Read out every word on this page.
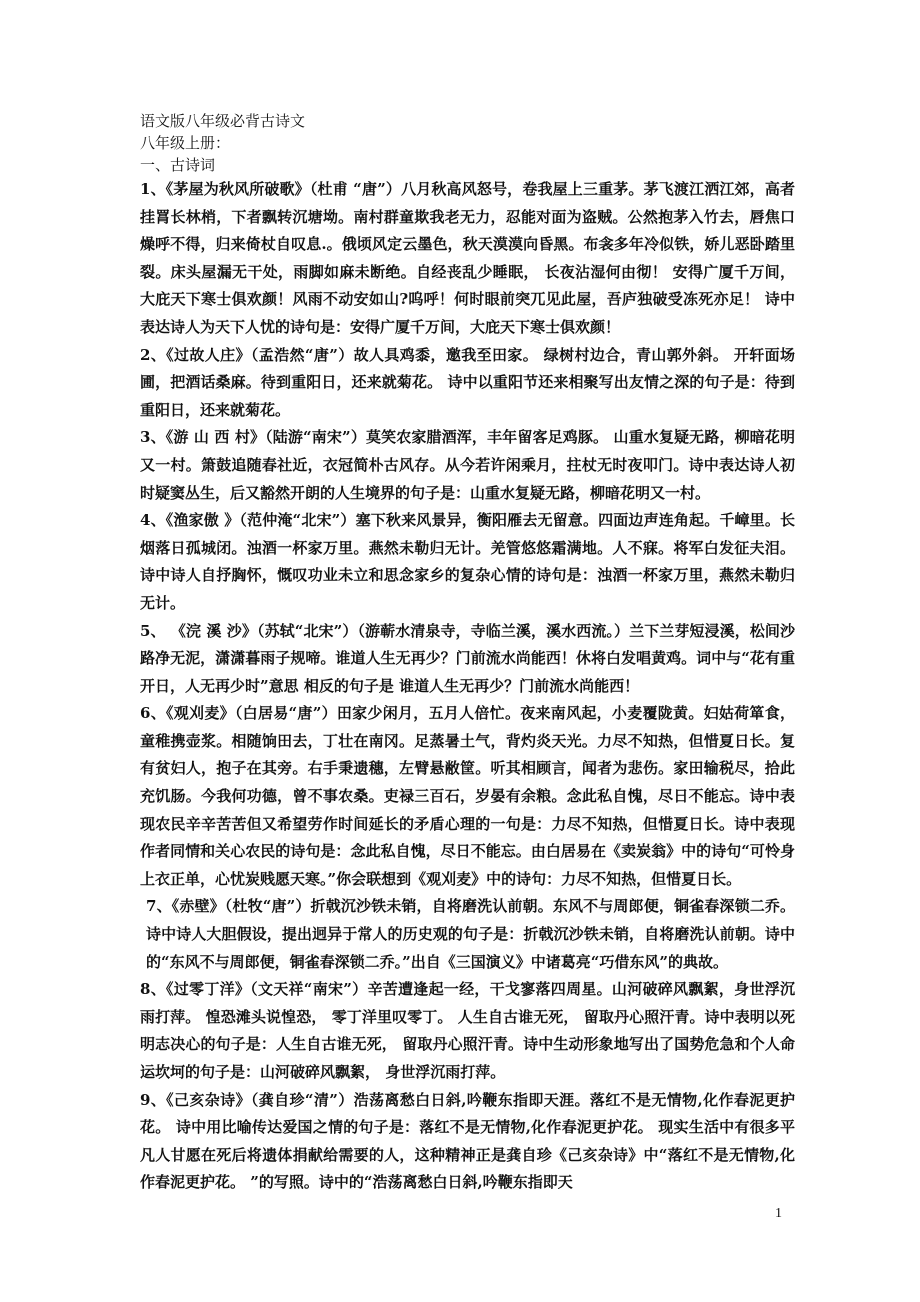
语文版八年级必背古诗文

八年级上册：

一、古诗词

1、《茅屋为秋风所破歌》（杜甫 “唐”）八月秋高风怒号，卷我屋上三重茅。茅飞渡江洒江郊，高者挂罥长林梢，下者飘转沉塘坳。南村群童欺我老无力，忍能对面为盗贼。公然抱茅入竹去，唇焦口燥呼不得，归来倚杖自叹息.。俄顷风定云墨色，秋天漠漠向昏黑。布衾多年冷似铁，娇儿恶卧踏里裂。床头屋漏无干处，雨脚如麻未断绝。自经丧乱少睡眠， 长夜沾湿何由彻！ 安得广厦千万间，大庇天下寒士俱欢颜！风雨不动安如山?呜呼！何时眼前突兀见此屋，吾庐独破受冻死亦足！ 诗中表达诗人为天下人忧的诗句是：安得广厦千万间，大庇天下寒士俱欢颜！

2、《过故人庄》（孟浩然“唐”）故人具鸡黍，邀我至田家。 绿树村边合，青山郭外斜。 开轩面场圃，把酒话桑麻。待到重阳日，还来就菊花。 诗中以重阳节还来相聚写出友情之深的句子是：待到重阳日，还来就菊花。

3、《游 山 西 村》（陆游“南宋”）莫笑农家腊酒浑，丰年留客足鸡豚。 山重水复疑无路，柳暗花明又一村。箫鼓追随春社近，衣冠简朴古风存。从今若许闲乘月，拄杖无时夜叩门。诗中表达诗人初时疑窦丛生，后又豁然开朗的人生境界的句子是：山重水复疑无路，柳暗花明又一村。

4、《渔家傲 》（范仲淹“北宋”）塞下秋来风景异，衡阳雁去无留意。四面边声连角起。千嶂里。长烟落日孤城闭。浊酒一杯家万里。燕然未勒归无计。羌管悠悠霜满地。人不寐。将军白发征夫泪。 诗中诗人自抒胸怀，慨叹功业未立和思念家乡的复杂心情的诗句是：浊酒一杯家万里，燕然未勒归无计。

5、 《浣 溪 沙》（苏轼“北宋”）（游蕲水清泉寺，寺临兰溪，溪水西流。）兰下兰芽短浸溪，松间沙路净无泥，潇潇暮雨子规啼。谁道人生无再少？门前流水尚能西！休将白发唱黄鸡。词中与“花有重开日，人无再少时”意思 相反的句子是 谁道人生无再少？门前流水尚能西！

6、《观刈麦》（白居易“唐”）田家少闲月，五月人倍忙。夜来南风起，小麦覆陇黄。妇姑荷箪食，童稚携壶浆。相随饷田去，丁壮在南冈。足蒸暑土气，背灼炎天光。力尽不知热，但惜夏日长。复有贫妇人，抱子在其旁。右手秉遗穗，左臂悬敝筐。听其相顾言，闻者为悲伤。家田输税尽，拾此充饥肠。今我何功德，曾不事农桑。吏禄三百石，岁晏有余粮。念此私自愧，尽日不能忘。诗中表现农民辛辛苦苦但又希望劳作时间延长的矛盾心理的一句是：力尽不知热，但惜夏日长。诗中表现作者同情和关心农民的诗句是：念此私自愧，尽日不能忘。由白居易在《卖炭翁》中的诗句“可怜身上衣正单，心忧炭贱愿天寒。”你会联想到《观刈麦》中的诗句：力尽不知热，但惜夏日长。

7、《赤壁》（杜牧“唐”）折戟沉沙铁未销，自将磨洗认前朝。东风不与周郎便，铜雀春深锁二乔。 诗中诗人大胆假设，提出迥异于常人的历史观的句子是：折戟沉沙铁未销，自将磨洗认前朝。诗中的“东风不与周郎便，铜雀春深锁二乔。”出自《三国演义》中诸葛亮“巧借东风”的典故。

8、《过零丁洋》（文天祥“南宋”）辛苦遭逢起一经，干戈寥落四周星。山河破碎风飘絮，身世浮沉雨打萍。 惶恐滩头说惶恐， 零丁洋里叹零丁。 人生自古谁无死， 留取丹心照汗青。诗中表明以死明志决心的句子是：人生自古谁无死， 留取丹心照汗青。诗中生动形象地写出了国势危急和个人命运坎坷的句子是：山河破碎风飘絮， 身世浮沉雨打萍。

9、《己亥杂诗》（龚自珍“清”）浩荡离愁白日斜,吟鞭东指即天涯。落红不是无情物,化作春泥更护花。 诗中用比喻传达爱国之情的句子是：落红不是无情物,化作春泥更护花。 现实生活中有很多平凡人甘愿在死后将遗体捐献给需要的人，这种精神正是龚自珍《己亥杂诗》中“落红不是无情物,化作春泥更护花。 ”的写照。诗中的“浩荡离愁白日斜,吟鞭东指即天

1
